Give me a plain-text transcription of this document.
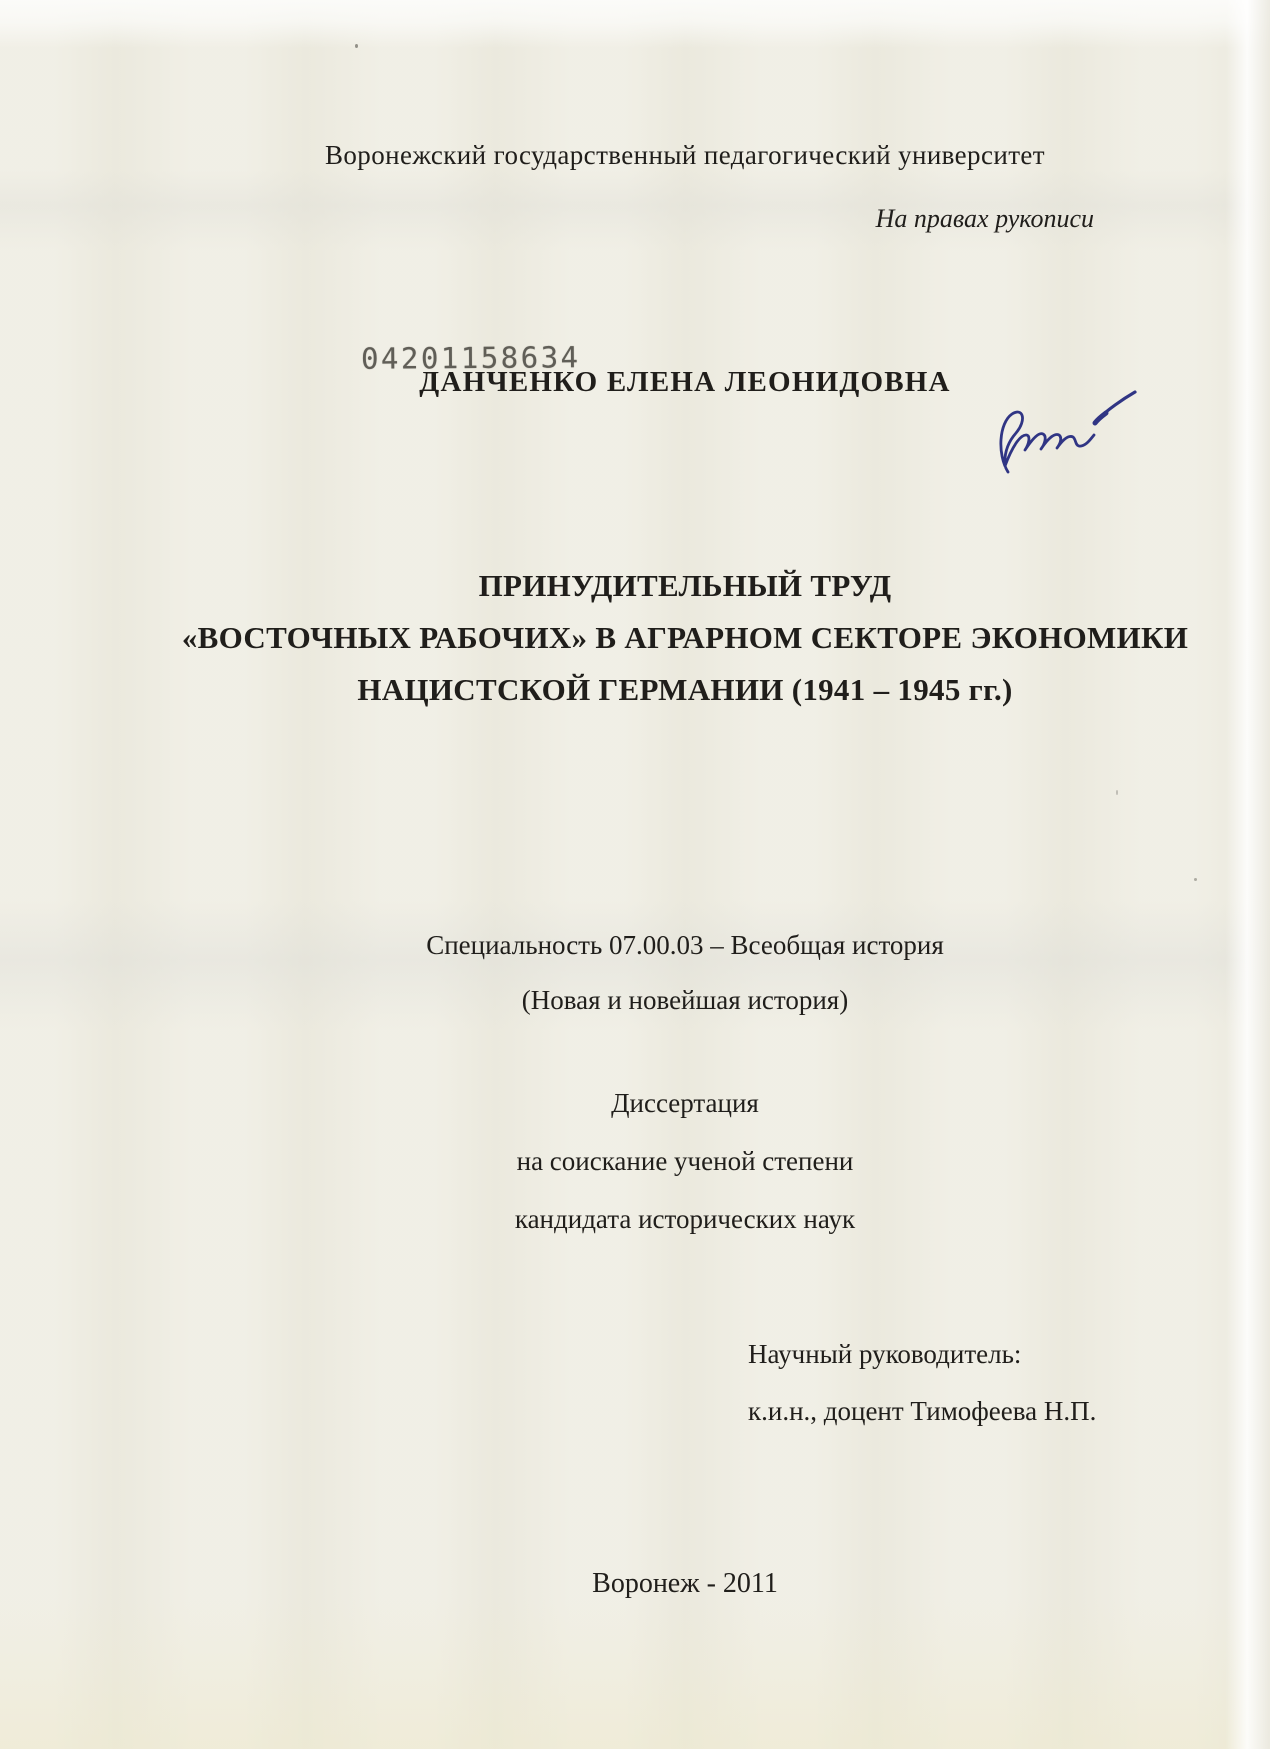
Воронежский государственный педагогический университет
На правах рукописи
04201158634
ДАНЧЕНКО ЕЛЕНА ЛЕОНИДОВНА
ПРИНУДИТЕЛЬНЫЙ ТРУД
«ВОСТОЧНЫХ РАБОЧИХ» В АГРАРНОМ СЕКТОРЕ ЭКОНОМИКИ
НАЦИСТСКОЙ ГЕРМАНИИ (1941 – 1945 гг.)
Специальность 07.00.03 – Всеобщая история
(Новая и новейшая история)
Диссертация
на соискание ученой степени
кандидата исторических наук
Научный руководитель:
к.и.н., доцент Тимофеева Н.П.
Воронеж - 2011
